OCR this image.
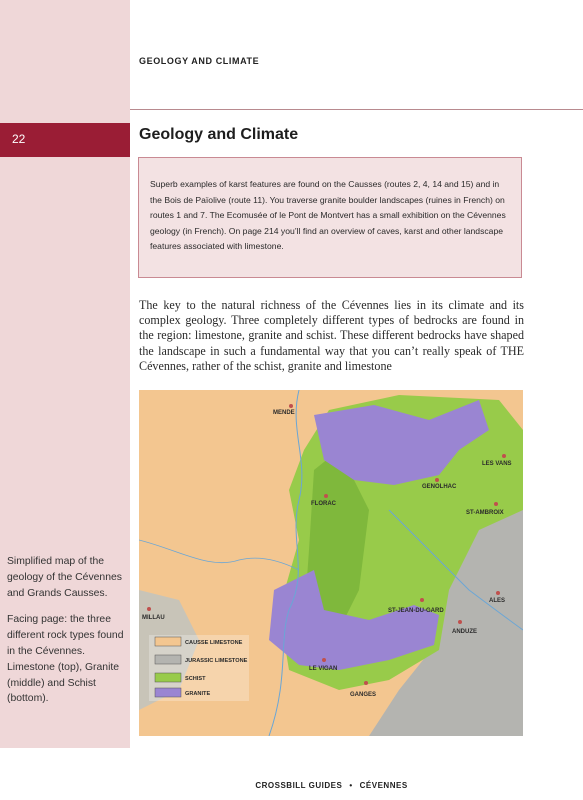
22
GEOLOGY AND CLIMATE
Geology and Climate
Superb examples of karst features are found on the Causses (routes 2, 4, 14 and 15) and in the Bois de Païolive (route 11). You traverse granite boulder landscapes (ruines in French) on routes 1 and 7. The Ecomusée of le Pont de Montvert has a small exhibition on the Cévennes geology (in French). On page 214 you’ll find an overview of caves, karst and other landscape features associated with limestone.
The key to the natural richness of the Cévennes lies in its climate and its complex geology. Three completely different types of bedrocks are found in the region: limestone, granite and schist. These different bedrocks have shaped the landscape in such a fundamental way that you can’t really speak of THE Cévennes, rather of the schist, granite and limestone

Simplified map of the geology of the Cévennes and Grands Causses.

Facing page: the three different rock types found in the Cévennes. Limestone (top), Granite (middle) and Schist (bottom).

MENDE
LES VANS
GENOLHAC
FLORAC
ST-AMBROIX
ALES
ST-JEAN-DU-GARD
MILLAU
ANDUZE
LE VIGAN
GANGES
CAUSSE LIMESTONE
JURASSIC LIMESTONE
SCHIST
GRANITE
CROSSBILL GUIDES • CÉVENNES
